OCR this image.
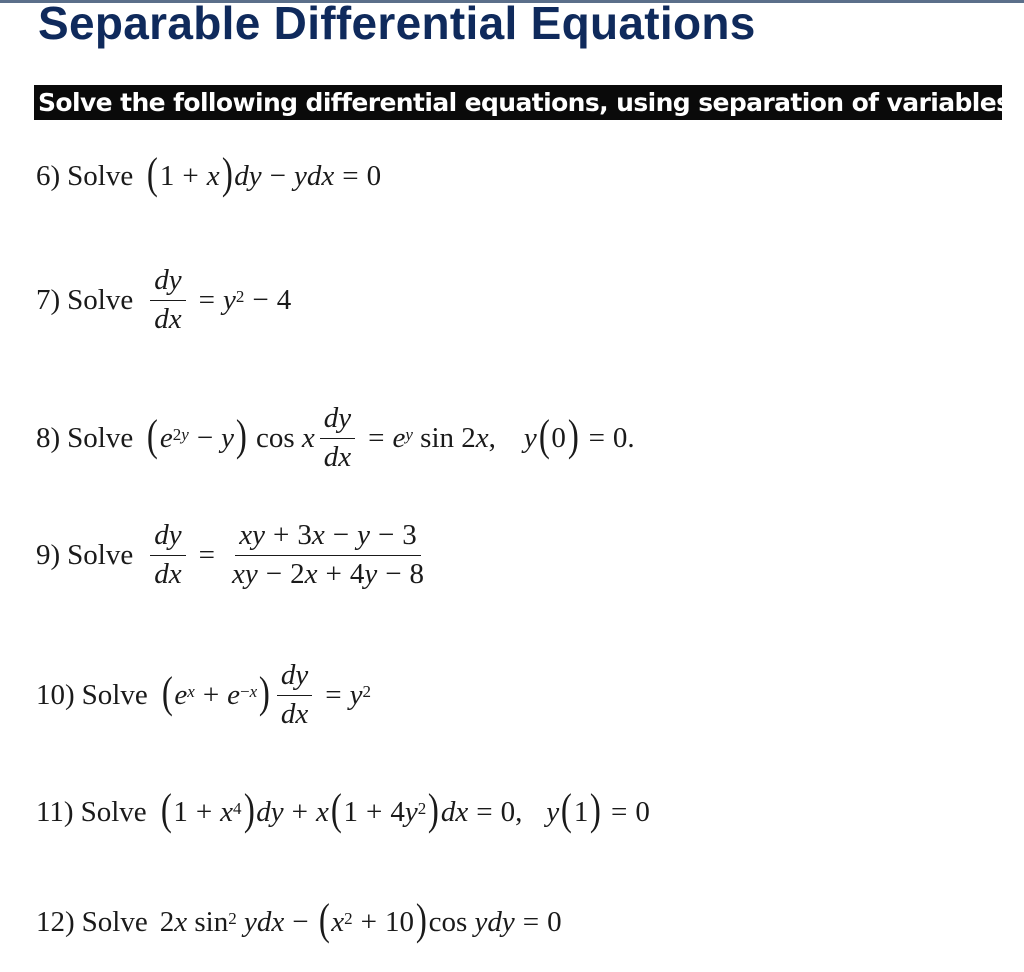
Separable Differential Equations
Solve the following differential equations, using separation of variables.
6) Solve ( 1 + x ) dy − ydx = 0
7) Solve $\frac{dy}{dx} = y^2 - 4$
8) Solve ( $e^{2y} - y$ ) cos x $\frac{dy}{dx} = e^y$ sin 2 x , y ( 0 ) = 0.
9) Solve $\frac{dy}{dx} = \frac{xy + 3x - y - 3}{xy - 2x + 4y - 8}$
10) Solve ( $e^x + e^{-x}$ ) $\frac{dy}{dx} = y^2$
11) Solve ( $1 + x^4$ ) dy + x ( 1 + 4 $y^2$ ) dx = 0, y ( 1 ) = 0
12) Solve 2 x $\sin^2$
ydx − ( $x^2 + 10$ ) cos ydy = 0
